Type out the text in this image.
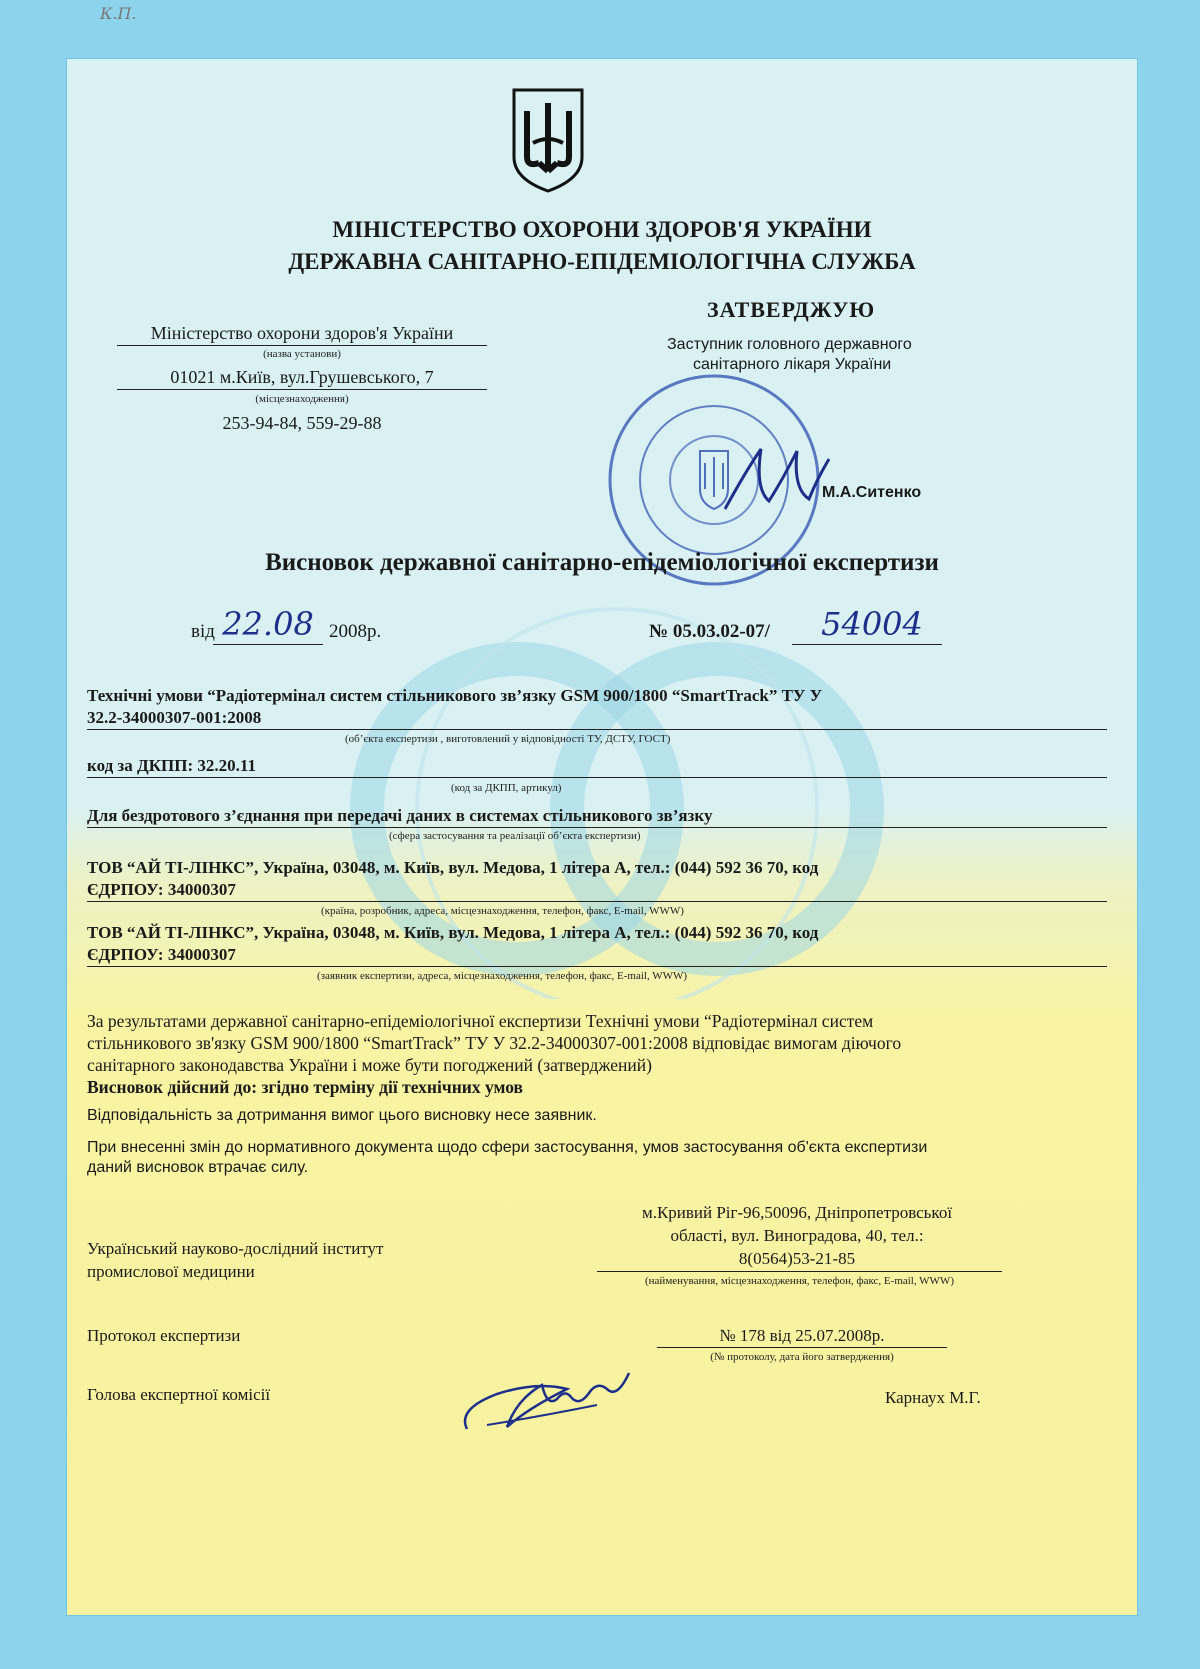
К.П.
МІНІСТЕРСТВО ОХОРОНИ ЗДОРОВ'Я УКРАЇНИ
ДЕРЖАВНА САНІТАРНО-ЕПІДЕМІОЛОГІЧНА СЛУЖБА
Міністерство охорони здоров'я України
(назва установи)
01021 м.Київ, вул.Грушевського, 7
(місцезнаходження)
253-94-84, 559-29-88
ЗАТВЕРДЖУЮ
Заступник головного державного
санітарного лікаря України
М.А.Ситенко
Висновок державної санітарно-епідеміологічної експертизи
від 22.08 2008р.	№ 05.03.02-07/	54004
Технічні умови “Радіотермінал систем стільникового зв’язку GSM 900/1800 “SmartTrack” ТУ У
32.2-34000307-001:2008
(об’єкта експертизи , виготовлений у відповідності ТУ, ДСТУ, ГОСТ)
код за ДКПП: 32.20.11
(код за ДКПП, артикул)
Для бездротового з’єднання при передачі даних в системах стільникового зв’язку
(сфера застосування та реалізації об’єкта експертизи)
ТОВ “АЙ ТІ-ЛІНКС”, Україна, 03048, м. Київ, вул. Медова, 1 літера А, тел.: (044) 592 36 70, код
ЄДРПОУ: 34000307
(країна, розробник, адреса, місцезнаходження, телефон, факс, E-mail, WWW)
ТОВ “АЙ ТІ-ЛІНКС”, Україна, 03048, м. Київ, вул. Медова, 1 літера А, тел.: (044) 592 36 70, код
ЄДРПОУ: 34000307
(заявник експертизи, адреса, місцезнаходження, телефон, факс, E-mail, WWW)
За результатами державної санітарно-епідеміологічної експертизи Технічні умови “Радіотермінал систем
стільникового зв'язку GSM 900/1800 “SmartTrack” ТУ У 32.2-34000307-001:2008 відповідає вимогам діючого
санітарного законодавства України і може бути погоджений (затверджений)
Висновок дійсний до: згідно терміну дії технічних умов
Відповідальність за дотримання вимог цього висновку несе заявник.
При внесенні змін до нормативного документа щодо сфери застосування, умов застосування об'єкта експертизи
даний висновок втрачає силу.
Український науково-дослідний інститут
промислової медицини
м.Кривий Ріг-96,50096, Дніпропетровської
області, вул. Виноградова, 40, тел.:
8(0564)53-21-85
(найменування, місцезнаходження, телефон, факс, E-mail, WWW)
Протокол експертизи	№ 178 від 25.07.2008р.
(№ протоколу, дата його затвердження)
Голова експертної комісії	Карнаух М.Г.
